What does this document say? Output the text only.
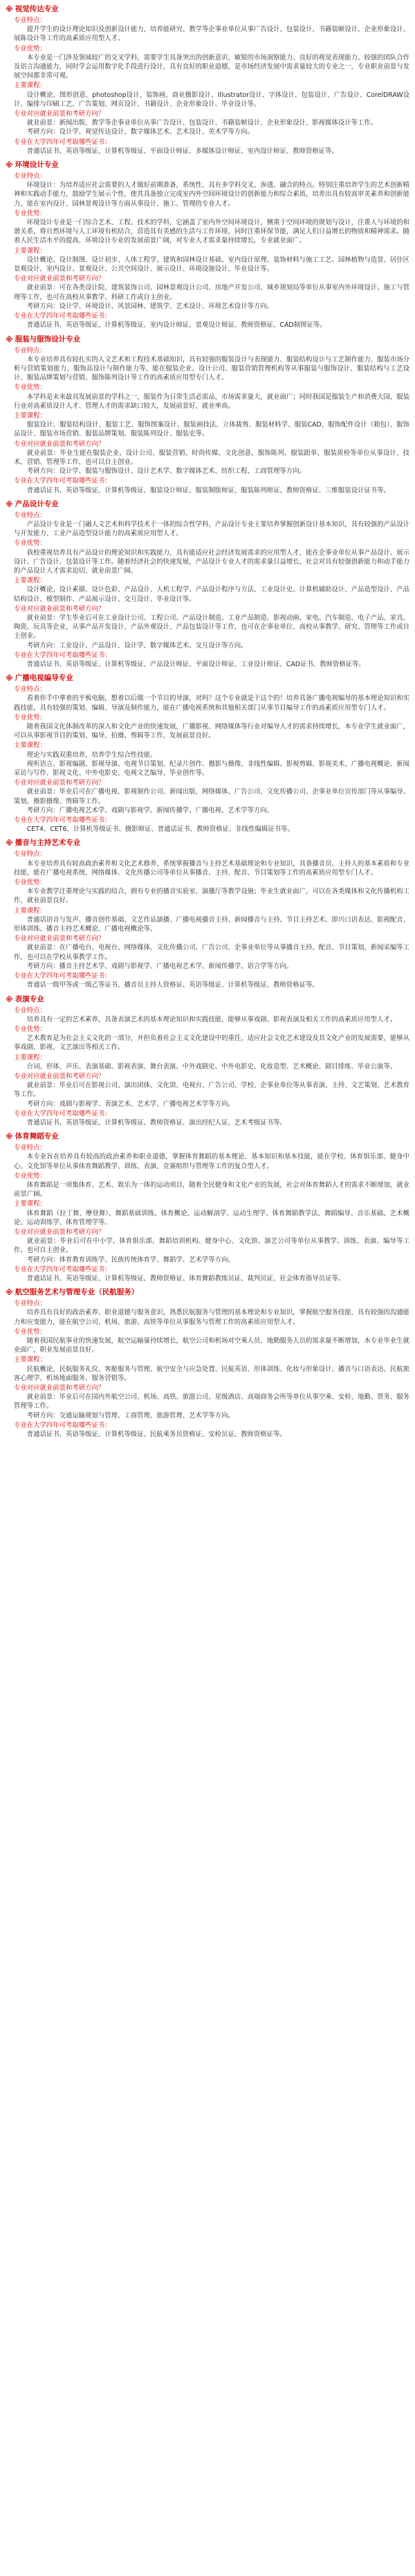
※ 视觉传达专业
专业特点：

提升学生的设计理论知识及创新设计能力，培养能研究、教学等企事业单位从事广告设计、包装设计、书籍装帧设计、企业形象设计、展陈设计等工作的高素质应用型人才。

专业优势：

本专业是一门涉及领域较广的交叉学科，需要学生具备突出的创新意识、敏锐的市场洞察能力、良好的视觉表现能力、较强的团队合作及语言沟通能力，同时学会运用数字化手段进行设计，具有良好的职业道德，是市场经济发展中需求量较大的专业之一，专业职业前景与发展空间都非常可观。

主要课程：

设计概论、图形创意、photoshop设计、装饰画、商业摄影设计、Illustrator设计、字体设计、包装设计、广告设计、CorelDRAW设计、编排与印刷工艺、广告策划、网页设计、书籍设计、企业形象设计、毕业设计等。

专业对应就业前景和考研方向？

就业前景：新闻出版、教学等企事业单位从事广告设计、包装设计、书籍装帧设计、企业形象设计、影视媒体设计等工作。

考研方向：设计学、视觉传达设计、数字媒体艺术、艺术设计、美术学等方向。

专业在大学四年可考取哪些证书：

普通话证书、英语等级证、计算机等级证、平面设计师证、多媒体设计师证、室内设计师证、教师资格证等。

※ 环境设计专业
专业特点：

环境设计：为培养适应社会需要的人才做好前期准备，系统性、具有多学科交叉、渗透、融合的特点。特别注重培养学生的艺术创新精神和实践动手能力，鼓励学生展示个性，使其具备独立完成室内外空间环境设计的创新能力和综合素质，培养出具有较高审美素养和创新能力，能在室内设计、园林景观设计等方面从事设计、施工、管理的专业人才。

专业优势：

环境设计专业是一门综合艺术、工程、技术的学科，它涵盖了室内外空间环境设计，侧重于空间环境的规划与设计，注重人与环境的和谐关系，将自然环境与人工环境有机结合，营造具有美感的生活与工作环境，同时注重环保节能，满足人们日益增长的物质和精神需求。随着人民生活水平的提高，环境设计专业的发展前景广阔，对专业人才需求量持续增长，专业就业面广。

主要课程：

设计概论、设计制图、设计初步、人体工程学、建筑和园林设计基础、室内设计原理、装饰材料与施工工艺、园林植物与造景、居住区景观设计、室内设计、景观设计、公共空间设计、展示设计、环境设施设计、毕业设计等。

专业对应就业前景和考研方向？

就业前景：可在各类设计院、建筑装饰公司、园林景观设计公司、房地产开发公司、城乡规划局等单位从事室内外环境设计、施工与管理等工作，也可在高校从事教学、科研工作或自主创业。

考研方向：设计学、环境设计、风景园林、建筑学、艺术设计、环境艺术设计等方向。

专业在大学四年可考取哪些证书：

普通话证书、英语等级证、计算机等级证、室内设计师证、景观设计师证、教师资格证、CAD制图证等。

※ 服装与服饰设计专业
专业特点：

本专业培养具有较扎实的人文艺术和工程技术基础知识，具有较强的服装设计与表现能力、服装结构设计与工艺制作能力、服装市场分析与营销策划能力、服饰品设计与制作能力等，能在服装企业、设计公司、服装营销管理机构等从事服装与服饰设计、服装结构与工艺设计、服装品牌策划与营销、服饰陈列设计等工作的高素质应用型专门人才。

专业优势：

本学科是未来最具发展前景的学科之一，服装作为日常生活必需品，市场需求量大，就业面广；同时我国是服装生产和消费大国，服装行业对高素质设计人才、管理人才的需求缺口较大，发展前景好，就业率高。

主要课程：

服装设计、服装结构设计、服装工艺、服饰图案设计、服装画技法、立体裁剪、服装材料学、服装CAD、服饰配件设计（箱包）、服饰品设计、服装市场营销、服装品牌策划、服装陈列设计、服装史等。

专业对应就业前景和考研方向？

就业前景：毕业生能在服装企业、设计公司、服装营销、时尚传媒、文化创意、服饰陈列、服装跟单、服装质检等单位从事设计、技术、营销、管理等工作，也可以自主创业。

考研方向：设计学、服装与服饰设计、设计艺术学、数字媒体艺术、纺织工程、工商管理等方向。

专业在大学四年可考取哪些证书：

普通话证书、英语等级证、计算机等级证、服装设计师证、服装制版师证、服装陈列师证、教师资格证、三维服装设计证书等。

※ 产品设计专业
专业特点：

产品设计专业是一门融人文艺术和科学技术于一体的综合性学科，产品设计专业主要培养掌握创新设计基本知识，具有较强的产品设计与开发能力、工业产品造型设计能力的高素质应用型人才。

专业优势：

我校重视培养具有产品设计的理论知识和实践能力，具有能适应社会经济发展需求的应用型人才，能在企事业单位从事产品设计、展示设计、广告设计、包装设计等工作。随着经济社会的快速发展，产品设计专业人才的需求量日益增长，社会对具有较强创新能力和动手能力的产品设计人才需求迫切，就业前景广阔。

主要课程：

设计概论、设计素描、设计色彩、产品设计、人机工程学、产品设计程序与方法、工业设计史、计算机辅助设计、产品造型设计、产品结构设计、模型制作、产品展示设计、交互设计、毕业设计等。

专业对应就业前景和考研方向？

就业前景：学生毕业后可在工业设计公司、工程公司、产品设计制造、工业产品制造、影视动画、家电、汽车制造、电子产品、家具、陶瓷、玩具等企业，从事产品开发设计、产品外观设计、产品包装设计等工作，也可在企事业单位、高校从事教学、研究、管理等工作或自主创业。

考研方向：工业设计、产品设计、设计学、数字媒体艺术、交互设计等方向。

专业在大学四年可考取哪些证书：

普通话证书、英语等级证、计算机等级证、产品设计师证、平面设计师证、工业设计师证、CAD证书、教师资格证等。

※ 广播电视编导专业
专业特点：

看着你手中拿着的平板电脑，想着以后做一个节目的导演，对吗？这个专业就是干这个的！培养具备广播电视编导的基本理论知识和实践技能，具有较强的策划、编辑、导演及制作能力，能在广播电视系统和其他相关部门从事节目编导工作的高素质应用型专门人才。

专业优势：

随着我国文化体制改革的深入和文化产业的快速发展，广播影视、网络媒体等行业对编导人才的需求持续增长，本专业学生就业面广，可以从事影视节目的策划、编导、拍摄、剪辑等工作，发展前景良好。

主要课程：

理论与实践双重培养，培养学生综合性技能。

视听语言、影视编剧、影视导演、电视节目策划、纪录片创作、摄影与摄像、非线性编辑、影视剪辑、影视美术、广播电视概论、新闻采访与写作、影视文化、中外电影史、电视文艺编导、毕业创作等。

专业对应就业前景和考研方向？

就业前景：毕业后可在广播电视、影视制作公司、新闻出版、网络媒体、广告公司、文化传播公司、企事业单位宣传部门等从事编导、策划、摄影摄像、剪辑等工作。

考研方向：广播电视艺术学、戏剧与影视学、新闻传播学、广播电视、艺术学等方向。

专业在大学四年可考取哪些证书：

CET4、CET6、计算机等级证书、摄影师证、普通话证书、教师资格证、非线性编辑证书等。

※ 播音与主持艺术专业
专业特点：

本专业培养具有较高政治素养和文化艺术修养，系统掌握播音与主持艺术基础理论和专业知识，具备播音员、主持人的基本素质和专业技能，能在广播电视系统、网络媒体、文化传播公司等单位从事播音、主持、配音、节目策划等工作的高素质应用型专门人才。

专业优势：

本专业教学注重理论与实践的结合，拥有专业的播音实验室、演播厅等教学设施；毕业生就业面广，可以在各类媒体和文化传播机构工作，就业前景良好。

主要课程：

普通话语音与发声、播音创作基础、文艺作品演播、广播电视播音主持、新闻播音与主持、节目主持艺术、即兴口语表达、影视配音、形体训练、播音主持艺术概论、广播电视概论等。

专业对应就业前景和考研方向？

就业前景：在广播电台、电视台、网络媒体、文化传播公司、广告公司、企事业单位等从事播音主持、配音、节目策划、新闻采编等工作，也可以在学校从事教学工作。

考研方向：播音主持艺术学、戏剧与影视学、广播电视艺术学、新闻传播学、语言学等方向。

专业在大学四年可考取哪些证书：

普通话一级甲等或一级乙等证书、播音员主持人资格证、英语等级证、计算机等级证、教师资格证等。

※ 表演专业
专业特点：

培养具有一定的艺术素养，具备表演艺术的基本理论知识和实践技能，能够从事戏剧、影视表演及相关工作的高素质应用型人才。

专业优势：

艺术教育是为社会主义文化的一部分，并担负着社会主义文化建设中的重任，适应社会文化艺术建设及其文化产业的发展需要，能够从事戏剧、影视、文艺演出等相关工作。

主要课程：

台词、形体、声乐、表演基础、影视表演、舞台表演、中外戏剧史、中外电影史、化妆造型、艺术概论、剧目排练、毕业公演等。

专业对应就业前景和考研方向？

就业前景：毕业后可在影视公司、演出团体、文化馆、电视台、广告公司、学校、企事业单位等从事表演、主持、文艺策划、艺术教育等工作。

考研方向：戏剧与影视学、表演艺术、艺术学、广播电视艺术学等方向。

专业在大学四年可考取哪些证书：

普通话证书、英语等级证、计算机等级证、教师资格证、演出经纪人证、艺术考级证书等。

※ 体育舞蹈专业
专业特点：

本专业旨在培养具有较高的政治素养和职业道德，掌握体育舞蹈的基本理论、基本知识和基本技能，能在学校、体育俱乐部、健身中心、文化馆等单位从事体育舞蹈教学、训练、表演、竞赛组织与管理等工作的复合型人才。

专业优势：

体育舞蹈是一项集体育、艺术、娱乐为一体的运动项目，随着全民健身和文化产业的发展，社会对体育舞蹈人才的需求不断增加，就业前景广阔。

主要课程：

体育舞蹈（拉丁舞、摩登舞）、舞蹈基础训练、体育概论、运动解剖学、运动生理学、体育舞蹈教学法、舞蹈编导、音乐基础、艺术概论、运动训练学、体育管理学等。

专业对应就业前景和考研方向？

就业前景：毕业后可在中小学、体育俱乐部、舞蹈培训机构、健身中心、文化馆、演艺公司等单位从事教学、训练、表演、编导等工作，也可自主创业。

考研方向：体育教育训练学、民族传统体育学、舞蹈学、艺术学等方向。

专业在大学四年可考取哪些证书：

普通话证书、英语等级证、计算机等级证、教师资格证、体育舞蹈教练员证、裁判员证、社会体育指导员证等。

※ 航空服务艺术与管理专业（民航服务）
专业特点：

培养具有良好的政治素养、职业道德与服务意识，熟悉民航服务与管理的基本理论和专业知识，掌握航空服务技能，具有较强的沟通能力和应变能力，能在航空公司、机场、旅游、高铁等单位从事服务与管理工作的高素质应用型人才。

专业优势：

随着我国民航事业的快速发展，航空运输量持续增长，航空公司和机场对空乘人员、地勤服务人员的需求量不断增加，本专业毕业生就业面广，职业发展前景良好。

主要课程：

民航概论、民航服务礼仪、客舱服务与管理、航空安全与应急处置、民航英语、形体训练、化妆与形象设计、播音与口语表达、民航旅客心理学、机场地面服务、服务营销等。

专业对应就业前景和考研方向？

就业前景：毕业后可在国内外航空公司、机场、高铁、旅游公司、星级酒店、高端商务会所等单位从事空乘、安检、地勤、票务、服务管理等工作。

考研方向：交通运输规划与管理、工商管理、旅游管理、艺术学等方向。

专业在大学四年可考取哪些证书：

普通话证书、英语等级证、计算机等级证、民航乘务员资格证、安检员证、教师资格证等。
